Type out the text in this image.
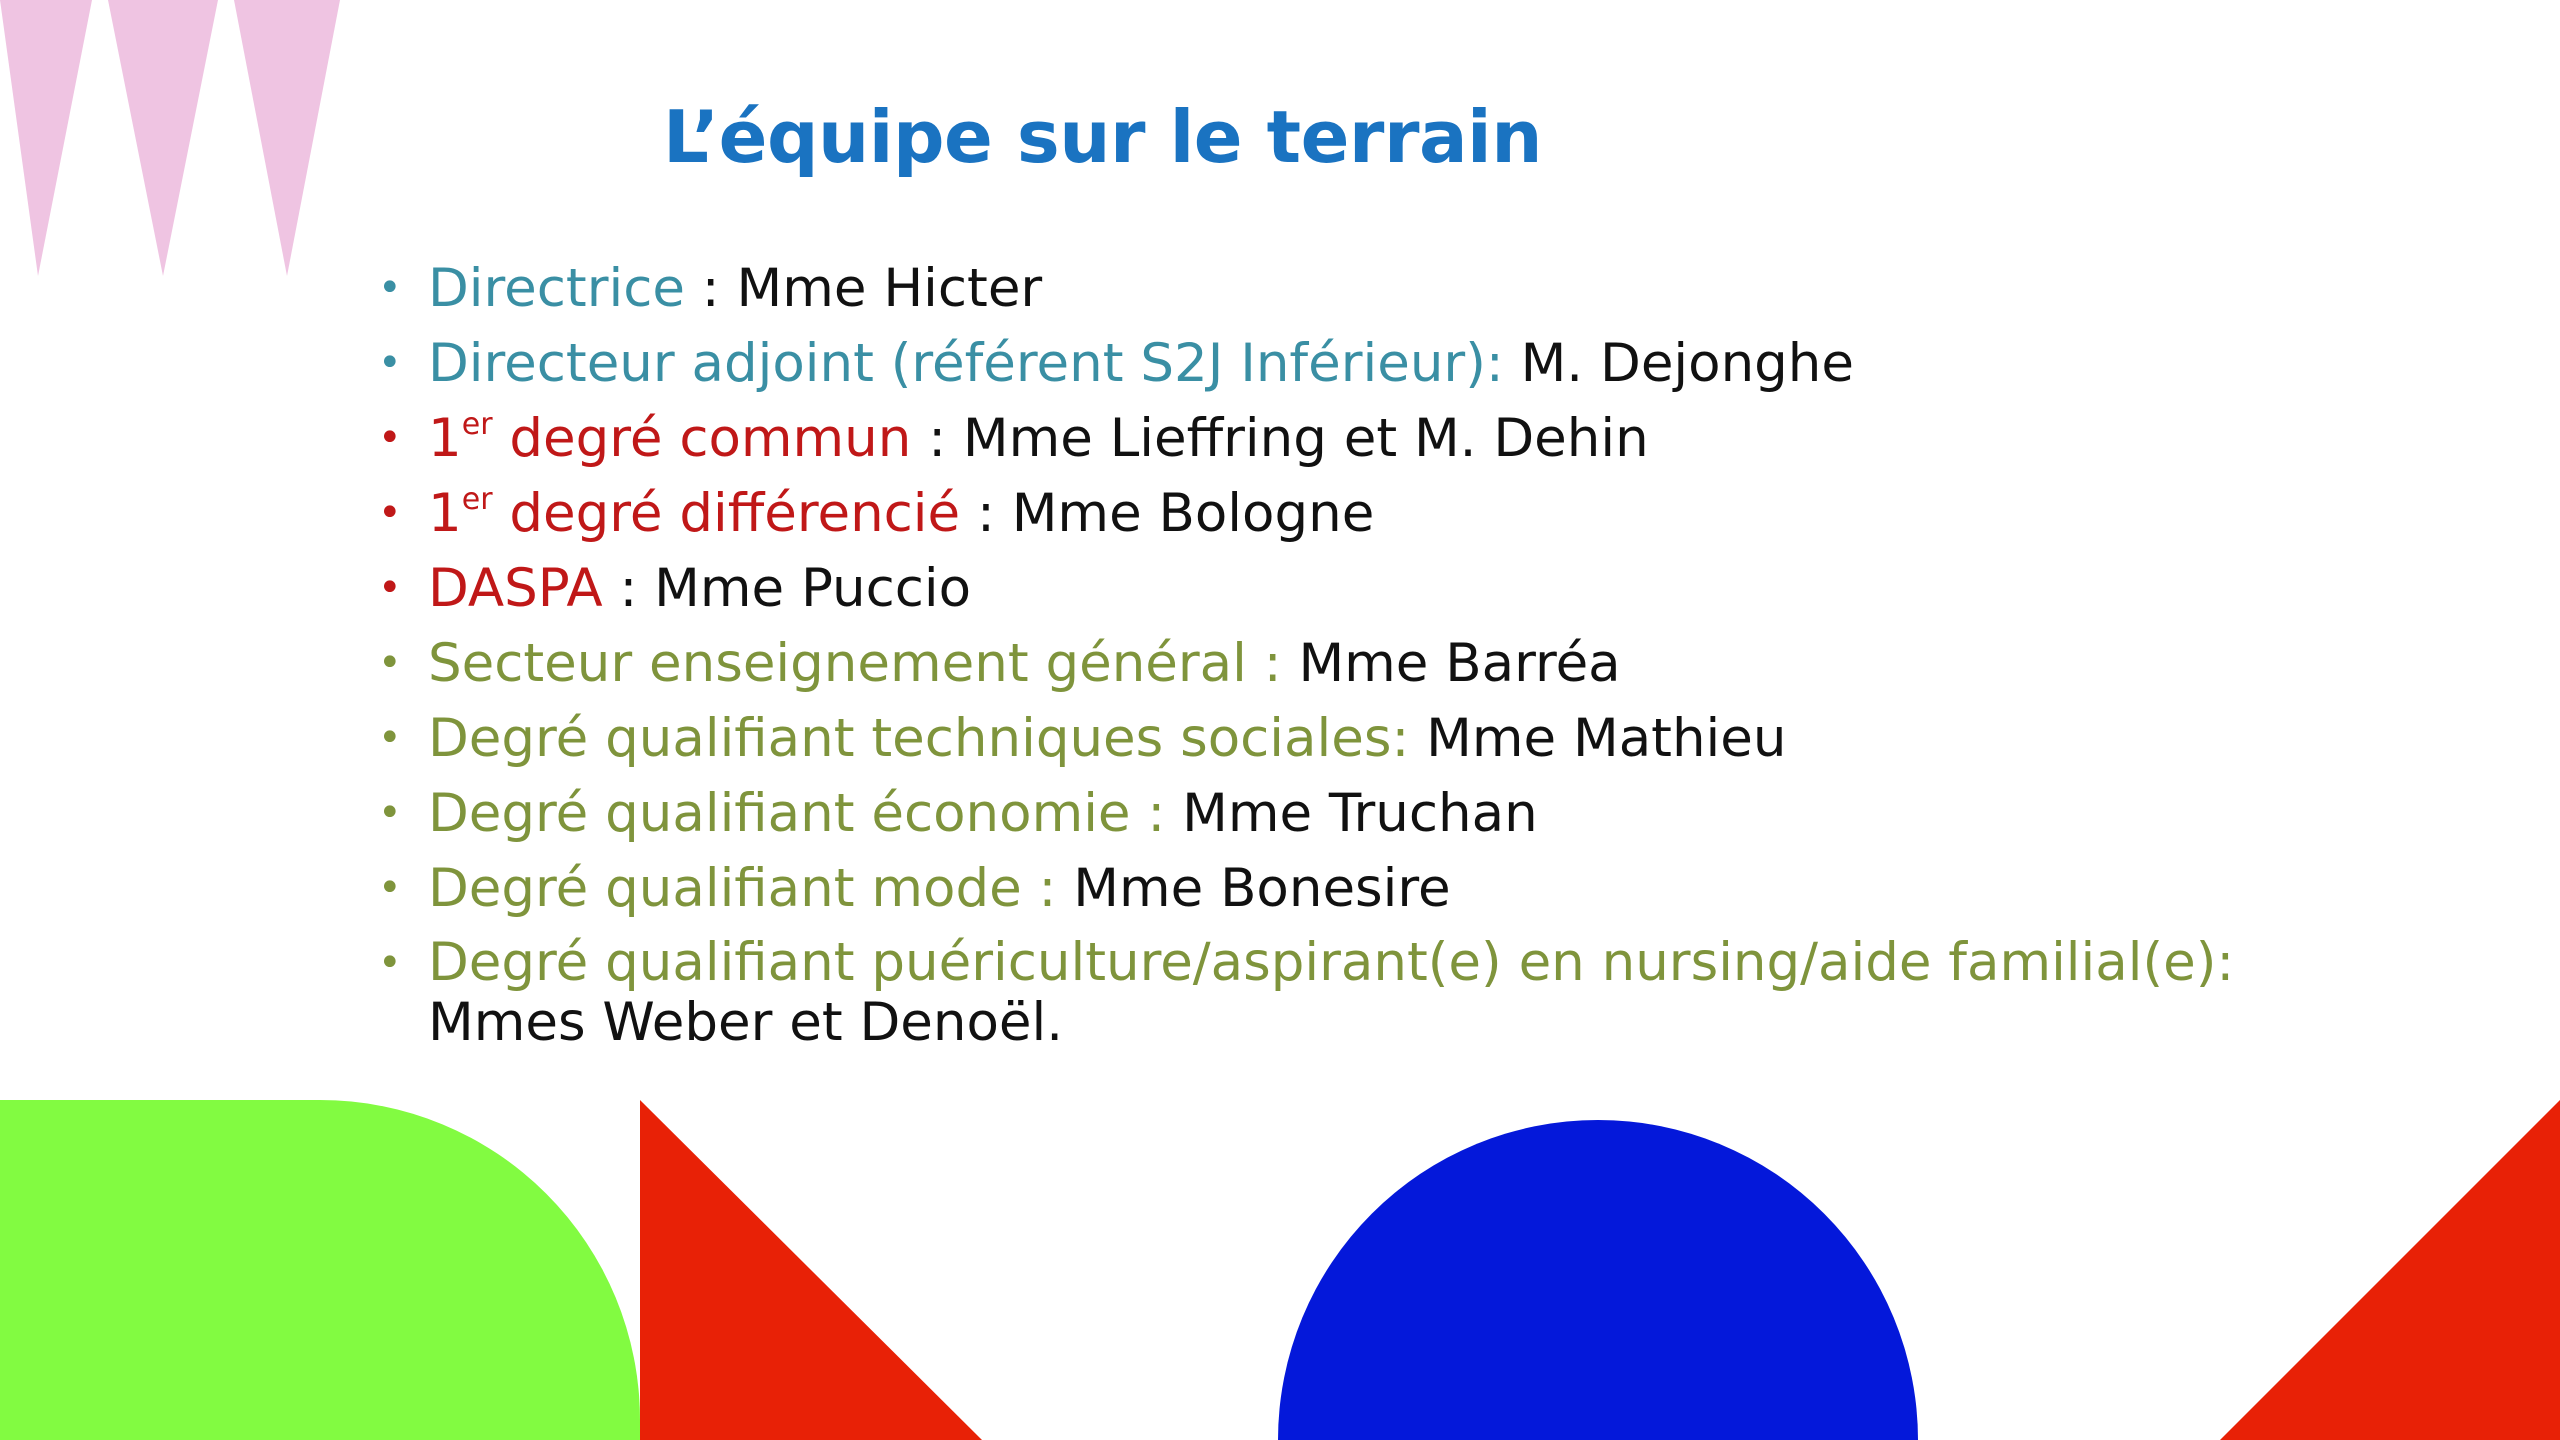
L’équipe sur le terrain
• Directrice : Mme Hicter
• Directeur adjoint (référent S2J Inférieur): M. Dejonghe
• 1er degré commun : Mme Lieffring et M. Dehin
• 1er degré différencié : Mme Bologne
• DASPA : Mme Puccio
• Secteur enseignement général : Mme Barréa
• Degré qualifiant techniques sociales: Mme Mathieu
• Degré qualifiant économie : Mme Truchan
• Degré qualifiant mode : Mme Bonesire
• Degré qualifiant puériculture/aspirant(e) en nursing/aide familial(e):
Mmes Weber et Denoël.
